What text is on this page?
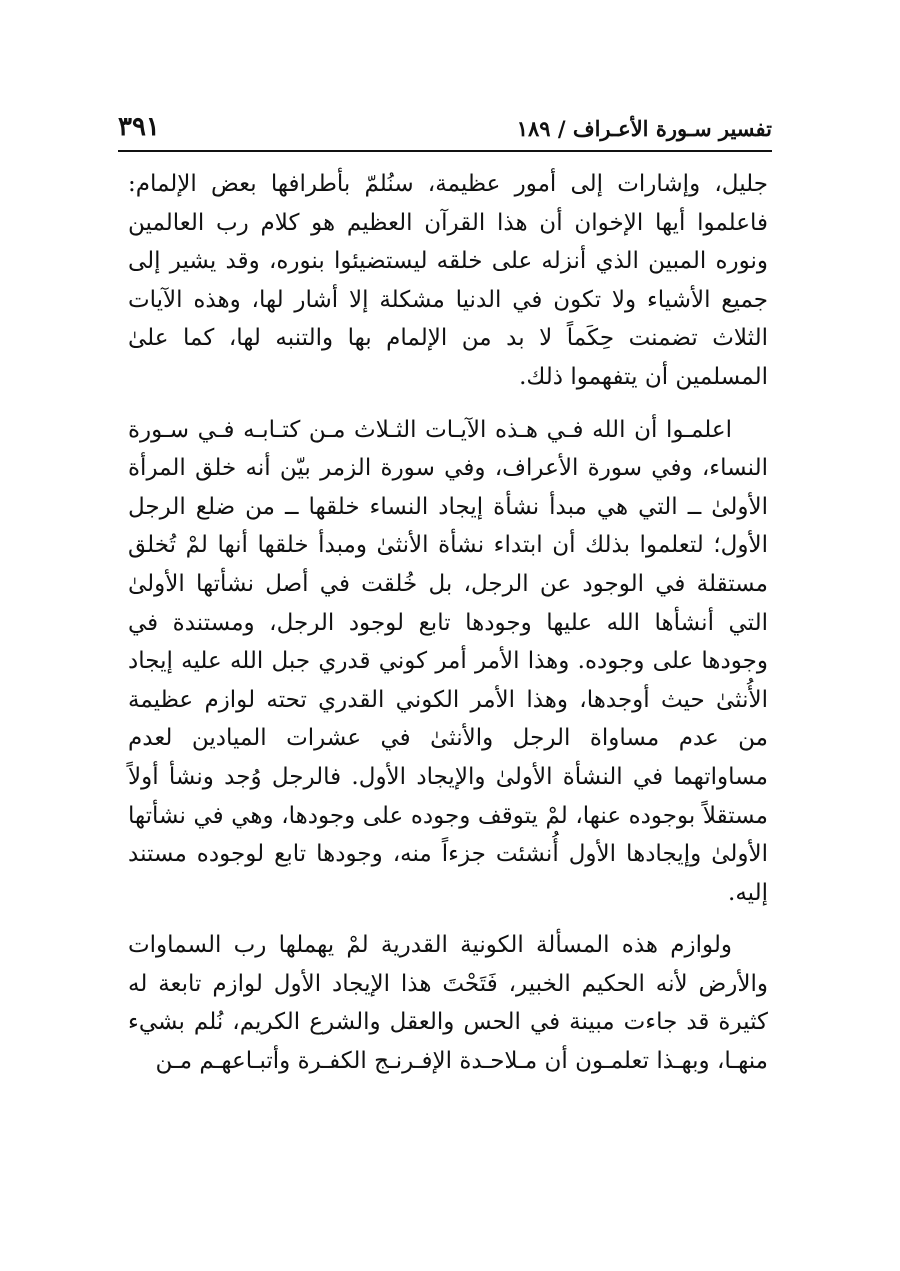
تفسير سـورة الأعـراف / ١٨٩
٣٩١

جليل، وإشارات إلى أمور عظيمة، سنُلمّ بأطرافها بعض الإلمام: فاعلموا أيها الإخوان أن هذا القرآن العظيم هو كلام رب العالمين ونوره المبين الذي أنزله على خلقه ليستضيئوا بنوره، وقد يشير إلى جميع الأشياء ولا تكون في الدنيا مشكلة إلا أشار لها، وهذه الآيات الثلاث تضمنت حِكَماً لا بد من الإلمام بها والتنبه لها، كما علىٰ المسلمين أن يتفهموا ذلك.

اعلمـوا أن الله فـي هـذه الآيـات الثـلاث مـن كتـابـه فـي سـورة النساء، وفي سورة الأعراف، وفي سورة الزمر بيّن أنه خلق المرأة الأولىٰ ــ التي هي مبدأ نشأة إيجاد النساء خلقها ــ من ضلع الرجل الأول؛ لتعلموا بذلك أن ابتداء نشأة الأنثىٰ ومبدأ خلقها أنها لمْ تُخلق مستقلة في الوجود عن الرجل، بل خُلقت في أصل نشأتها الأولىٰ التي أنشأها الله عليها وجودها تابع لوجود الرجل، ومستندة في وجودها على وجوده. وهذا الأمر أمر كوني قدري جبل الله عليه إيجاد الأُنثىٰ حيث أوجدها، وهذا الأمر الكوني القدري تحته لوازم عظيمة من عدم مساواة الرجل والأنثىٰ في عشرات الميادين لعدم مساواتهما في النشأة الأولىٰ والإيجاد الأول. فالرجل وُجد ونشأ أولاً مستقلاً بوجوده عنها، لمْ يتوقف وجوده على وجودها، وهي في نشأتها الأولىٰ وإيجادها الأول أُنشئت جزءاً منه، وجودها تابع لوجوده مستند إليه.

ولوازم هذه المسألة الكونية القدرية لمْ يهملها رب السماوات والأرض لأنه الحكيم الخبير، فَتَحْتَ هذا الإيجاد الأول لوازم تابعة له كثيرة قد جاءت مبينة في الحس والعقل والشرع الكريم، نُلم بشيء منهـا، وبهـذا تعلمـون أن مـلاحـدة الإفـرنـج الكفـرة وأتبـاعهـم مـن
